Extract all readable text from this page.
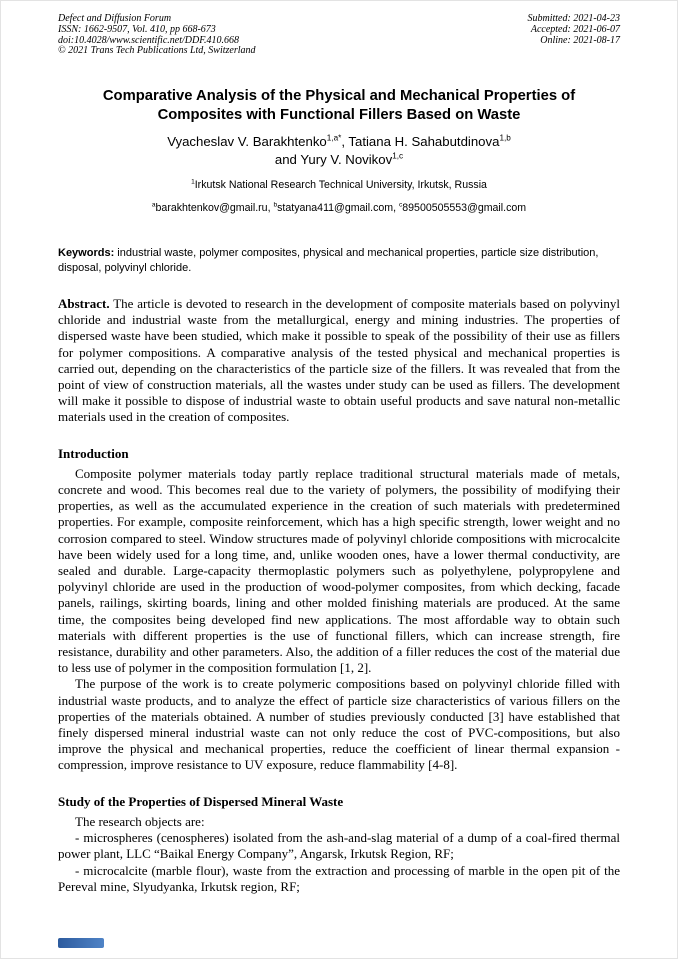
Defect and Diffusion Forum
ISSN: 1662-9507, Vol. 410, pp 668-673
doi:10.4028/www.scientific.net/DDF.410.668
© 2021 Trans Tech Publications Ltd, Switzerland
Submitted: 2021-04-23
Accepted: 2021-06-07
Online: 2021-08-17
Comparative Analysis of the Physical and Mechanical Properties of Composites with Functional Fillers Based on Waste
Vyacheslav V. Barakhtenko$^{1,a*}$, Tatiana H. Sahabutdinova$^{1,b}$
and Yury V. Novikov$^{1,c}$
$^1$Irkutsk National Research Technical University, Irkutsk, Russia
$^a$barakhtenkov@gmail.ru, $^b$statyana411@gmail.com, $^c$89500505553@gmail.com
Keywords: industrial waste, polymer composites, physical and mechanical properties, particle size distribution, disposal, polyvinyl chloride.
Abstract. The article is devoted to research in the development of composite materials based on polyvinyl chloride and industrial waste from the metallurgical, energy and mining industries. The properties of dispersed waste have been studied, which make it possible to speak of the possibility of their use as fillers for polymer compositions. A comparative analysis of the tested physical and mechanical properties is carried out, depending on the characteristics of the particle size of the fillers. It was revealed that from the point of view of construction materials, all the wastes under study can be used as fillers. The development will make it possible to dispose of industrial waste to obtain useful products and save natural non-metallic materials used in the creation of composites.
Introduction

Composite polymer materials today partly replace traditional structural materials made of metals, concrete and wood. This becomes real due to the variety of polymers, the possibility of modifying their properties, as well as the accumulated experience in the creation of such materials with predetermined properties. For example, composite reinforcement, which has a high specific strength, lower weight and no corrosion compared to steel. Window structures made of polyvinyl chloride compositions with microcalcite have been widely used for a long time, and, unlike wooden ones, have a lower thermal conductivity, are sealed and durable. Large-capacity thermoplastic polymers such as polyethylene, polypropylene and polyvinyl chloride are used in the production of wood-polymer composites, from which decking, facade panels, railings, skirting boards, lining and other molded finishing materials are produced. At the same time, the composites being developed find new applications. The most affordable way to obtain such materials with different properties is the use of functional fillers, which can increase strength, fire resistance, durability and other parameters. Also, the addition of a filler reduces the cost of the material due to less use of polymer in the composition formulation [1, 2].

The purpose of the work is to create polymeric compositions based on polyvinyl chloride filled with industrial waste products, and to analyze the effect of particle size characteristics of various fillers on the properties of the materials obtained. A number of studies previously conducted [3] have established that finely dispersed mineral industrial waste can not only reduce the cost of PVC-compositions, but also improve the physical and mechanical properties, reduce the coefficient of linear thermal expansion - compression, improve resistance to UV exposure, reduce flammability [4-8].

Study of the Properties of Dispersed Mineral Waste

The research objects are:

- microspheres (cenospheres) isolated from the ash-and-slag material of a dump of a coal-fired thermal power plant, LLC “Baikal Energy Company”, Angarsk, Irkutsk Region, RF;

- microcalcite (marble flour), waste from the extraction and processing of marble in the open pit of the Pereval mine, Slyudyanka, Irkutsk region, RF;
